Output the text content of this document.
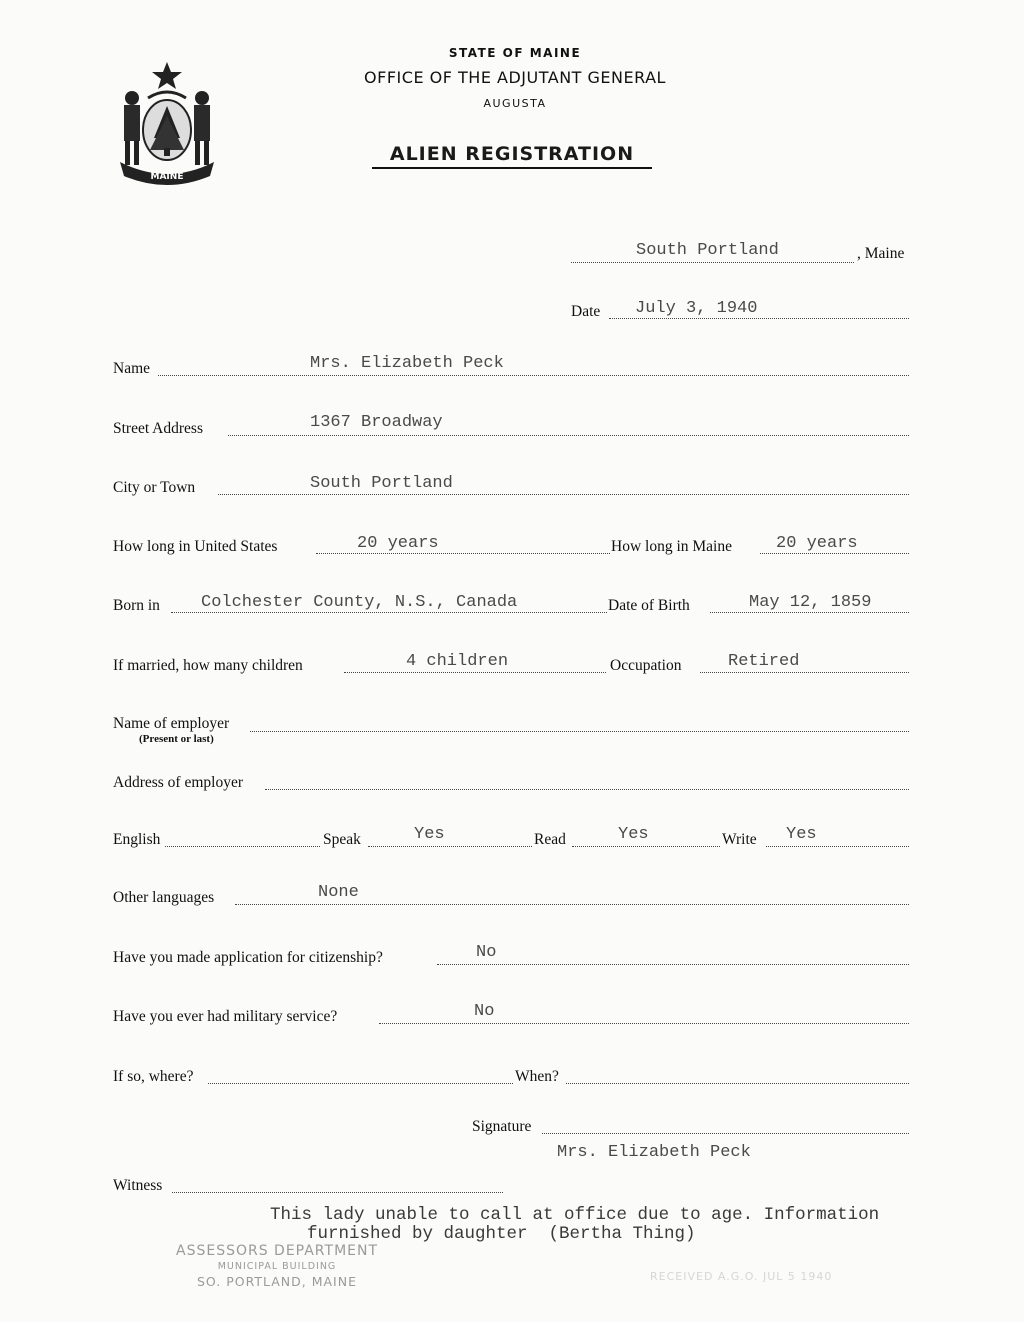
MAINE
STATE OF MAINE
OFFICE OF THE ADJUTANT GENERAL
AUGUSTA
ALIEN REGISTRATION
South Portland	, Maine
Date July 3, 1940
Name	Mrs. Elizabeth Peck
Street Address	1367 Broadway
City or Town	South Portland
How long in United States	20 years	How long in Maine	20 years
Born in Colchester County, N.S., Canada	Date of Birth	May 12, 1859
If married, how many children	4 children	Occupation	Retired
Name of employer
(Present or last)
Address of employer
English	Speak	Yes	Read	Yes	Write Yes
Other languages	None
Have you made application for citizenship?	No
Have you ever had military service?	No
If so, where?	When?
Signature
Mrs. Elizabeth Peck
Witness
This lady unable to call at office due to age. Information
furnished by daughter  (Bertha Thing)
ASSESSORS DEPARTMENT
MUNICIPAL BUILDING
SO. PORTLAND, MAINE	RECEIVED A.G.O. JUL 5 1940
